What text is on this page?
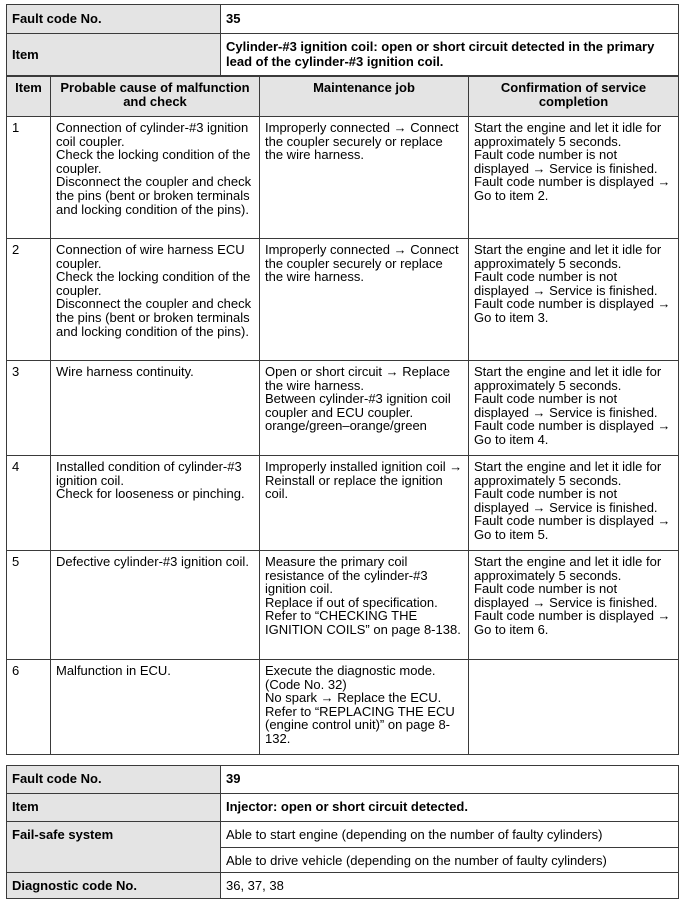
Fault code No.	35
Item	Cylinder-#3 ignition coil: open or short circuit detected in the primary lead of the cylinder-#3 ignition coil.
Item	Probable cause of malfunction and check	Maintenance job	Confirmation of service completion
1	Connection of cylinder-#3 ignition coil coupler.
Check the locking condition of the coupler.
Disconnect the coupler and check the pins (bent or broken terminals and locking condition of the pins).	Improperly connected → Connect the coupler securely or replace the wire harness.	Start the engine and let it idle for approximately 5 seconds.
Fault code number is not displayed → Service is finished.
Fault code number is displayed → Go to item 2.
2	Connection of wire harness ECU coupler.
Check the locking condition of the coupler.
Disconnect the coupler and check the pins (bent or broken terminals and locking condition of the pins).	Improperly connected → Connect the coupler securely or replace the wire harness.	Start the engine and let it idle for approximately 5 seconds.
Fault code number is not displayed → Service is finished.
Fault code number is displayed → Go to item 3.
3	Wire harness continuity.	Open or short circuit → Replace the wire harness.
Between cylinder-#3 ignition coil coupler and ECU coupler.
orange/green–orange/green	Start the engine and let it idle for approximately 5 seconds.
Fault code number is not displayed → Service is finished.
Fault code number is displayed → Go to item 4.
4	Installed condition of cylinder-#3 ignition coil.
Check for looseness or pinching.	Improperly installed ignition coil → Reinstall or replace the ignition coil.	Start the engine and let it idle for approximately 5 seconds.
Fault code number is not displayed → Service is finished.
Fault code number is displayed → Go to item 5.
5	Defective cylinder-#3 ignition coil.	Measure the primary coil resistance of the cylinder-#3 ignition coil.
Replace if out of specification.
Refer to “CHECKING THE IGNITION COILS” on page 8-138.	Start the engine and let it idle for approximately 5 seconds.
Fault code number is not displayed → Service is finished.
Fault code number is displayed → Go to item 6.
6	Malfunction in ECU.	Execute the diagnostic mode. (Code No. 32)
No spark → Replace the ECU.
Refer to “REPLACING THE ECU (engine control unit)” on page 8-132.	
Fault code No.	39
Item	Injector: open or short circuit detected.
Fail-safe system	Able to start engine (depending on the number of faulty cylinders)
	Able to drive vehicle (depending on the number of faulty cylinders)
Diagnostic code No.	36, 37, 38
